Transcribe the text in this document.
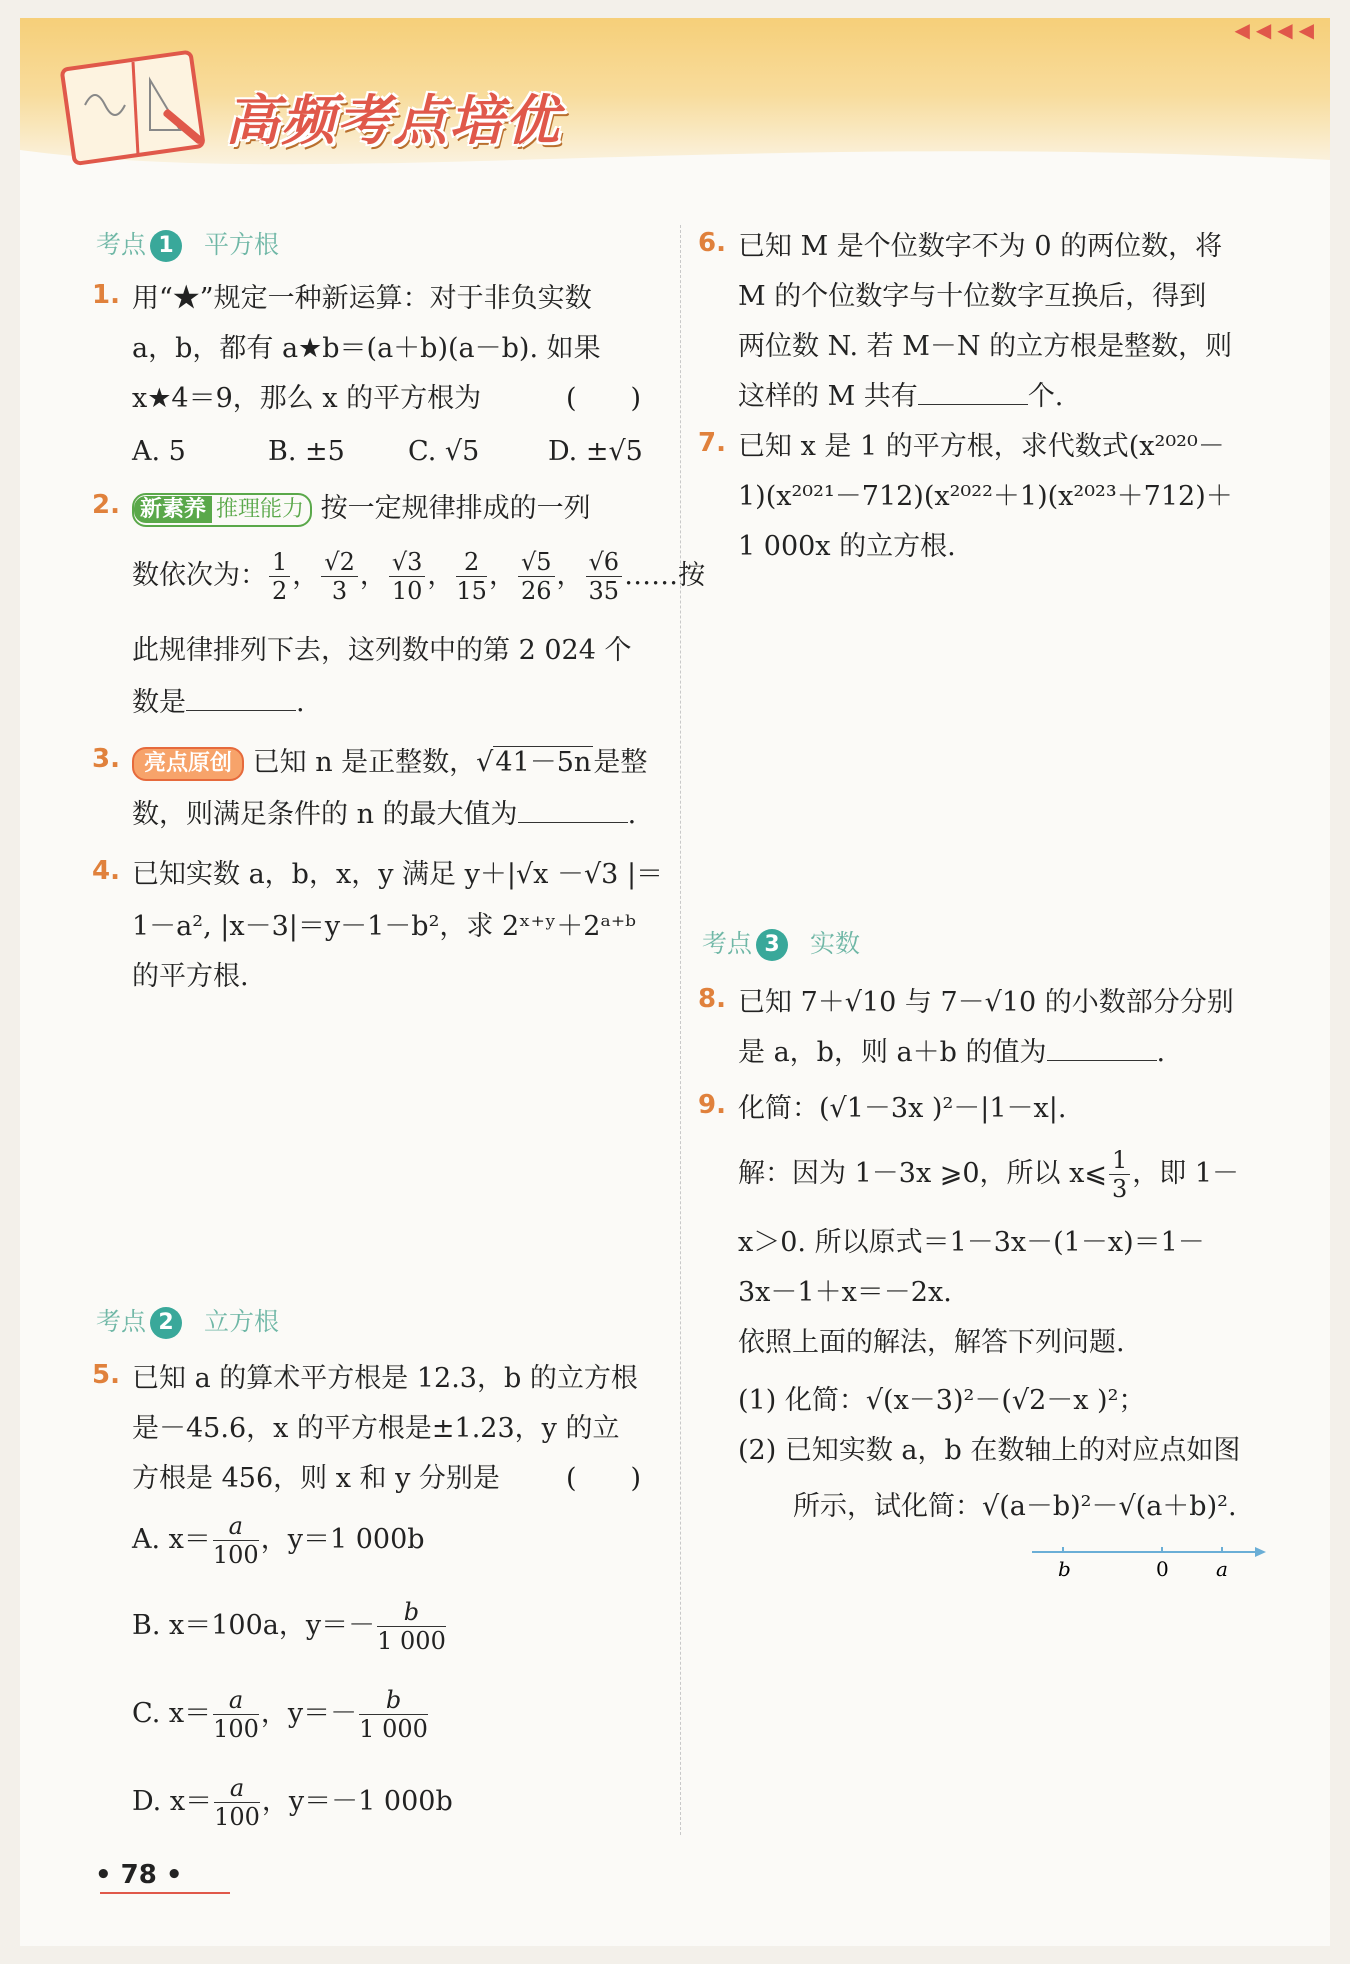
高频考点培优
◀◀◀◀
考点 1 平方根
1. 用“★”规定一种新运算：对于非负实数
a，b，都有 a★b＝(a＋b)(a－b). 如果
x★4＝9，那么 x 的平方根为	(　　)
A. 5	B. ±5 C. √5	D. ±√5
2. 新素养 推理能力 按一定规律排成的一列
数依次为： $\frac{1}{2}$ ， $\frac{√2}{3}$ ， $\frac{√3}{10}$ ， $\frac{2}{15}$ ， $\frac{√5}{26}$ ， $\frac{√6}{35}$ ……按
此规律排列下去，这列数中的第 2 024 个
数是	.
3.	亮点原创 已知 n 是正整数，√41－5n是整
数，则满足条件的 n 的最大值为	.
4. 已知实数 a，b，x，y 满足 y＋|√x －√3 |＝
1－a², |x－3|＝y－1－b²，求 2ˣ⁺ʸ＋2ᵃ⁺ᵇ
的平方根.
考点 2 立方根
5. 已知 a 的算术平方根是 12.3，b 的立方根
是－45.6，x 的平方根是±1.23，y 的立
方根是 456，则 x 和 y 分别是 (　　)
A. $x= \frac{a}{100}$ ，y＝1 000b
B. x＝100a，$y=- \frac{b}{1 000}$
C. $x= \frac{a}{100}$ ，$y=- \frac{b}{1 000}$
D. $x= \frac{a}{100}$ ，y＝－1 000b
6. 已知 M 是个位数字不为 0 的两位数，将
M 的个位数字与十位数字互换后，得到
两位数 N. 若 M－N 的立方根是整数，则
这样的 M 共有	个.
7. 已知 x 是 1 的平方根，求代数式(x²⁰²⁰－
1)(x²⁰²¹－712)(x²⁰²²＋1)(x²⁰²³＋712)＋
1 000x 的立方根.
考点 3 实数
8. 已知 7＋√10 与 7－√10 的小数部分分别
是 a，b，则 a＋b 的值为	.
9. 化简：(√1－3x )²－|1－x|.
解：因为 1－3x ⩾0，所以 x⩽ $\frac{1}{3}$ ，即 1－
x＞0. 所以原式＝1－3x－(1－x)＝1－
3x－1＋x＝－2x.
依照上面的解法，解答下列问题.
(1) 化简：√(x－3)²－(√2－x )²；
(2) 已知实数 a，b 在数轴上的对应点如图
所示，试化简：√(a－b)²－√(a＋b)².
b	0 a
• 78 •
